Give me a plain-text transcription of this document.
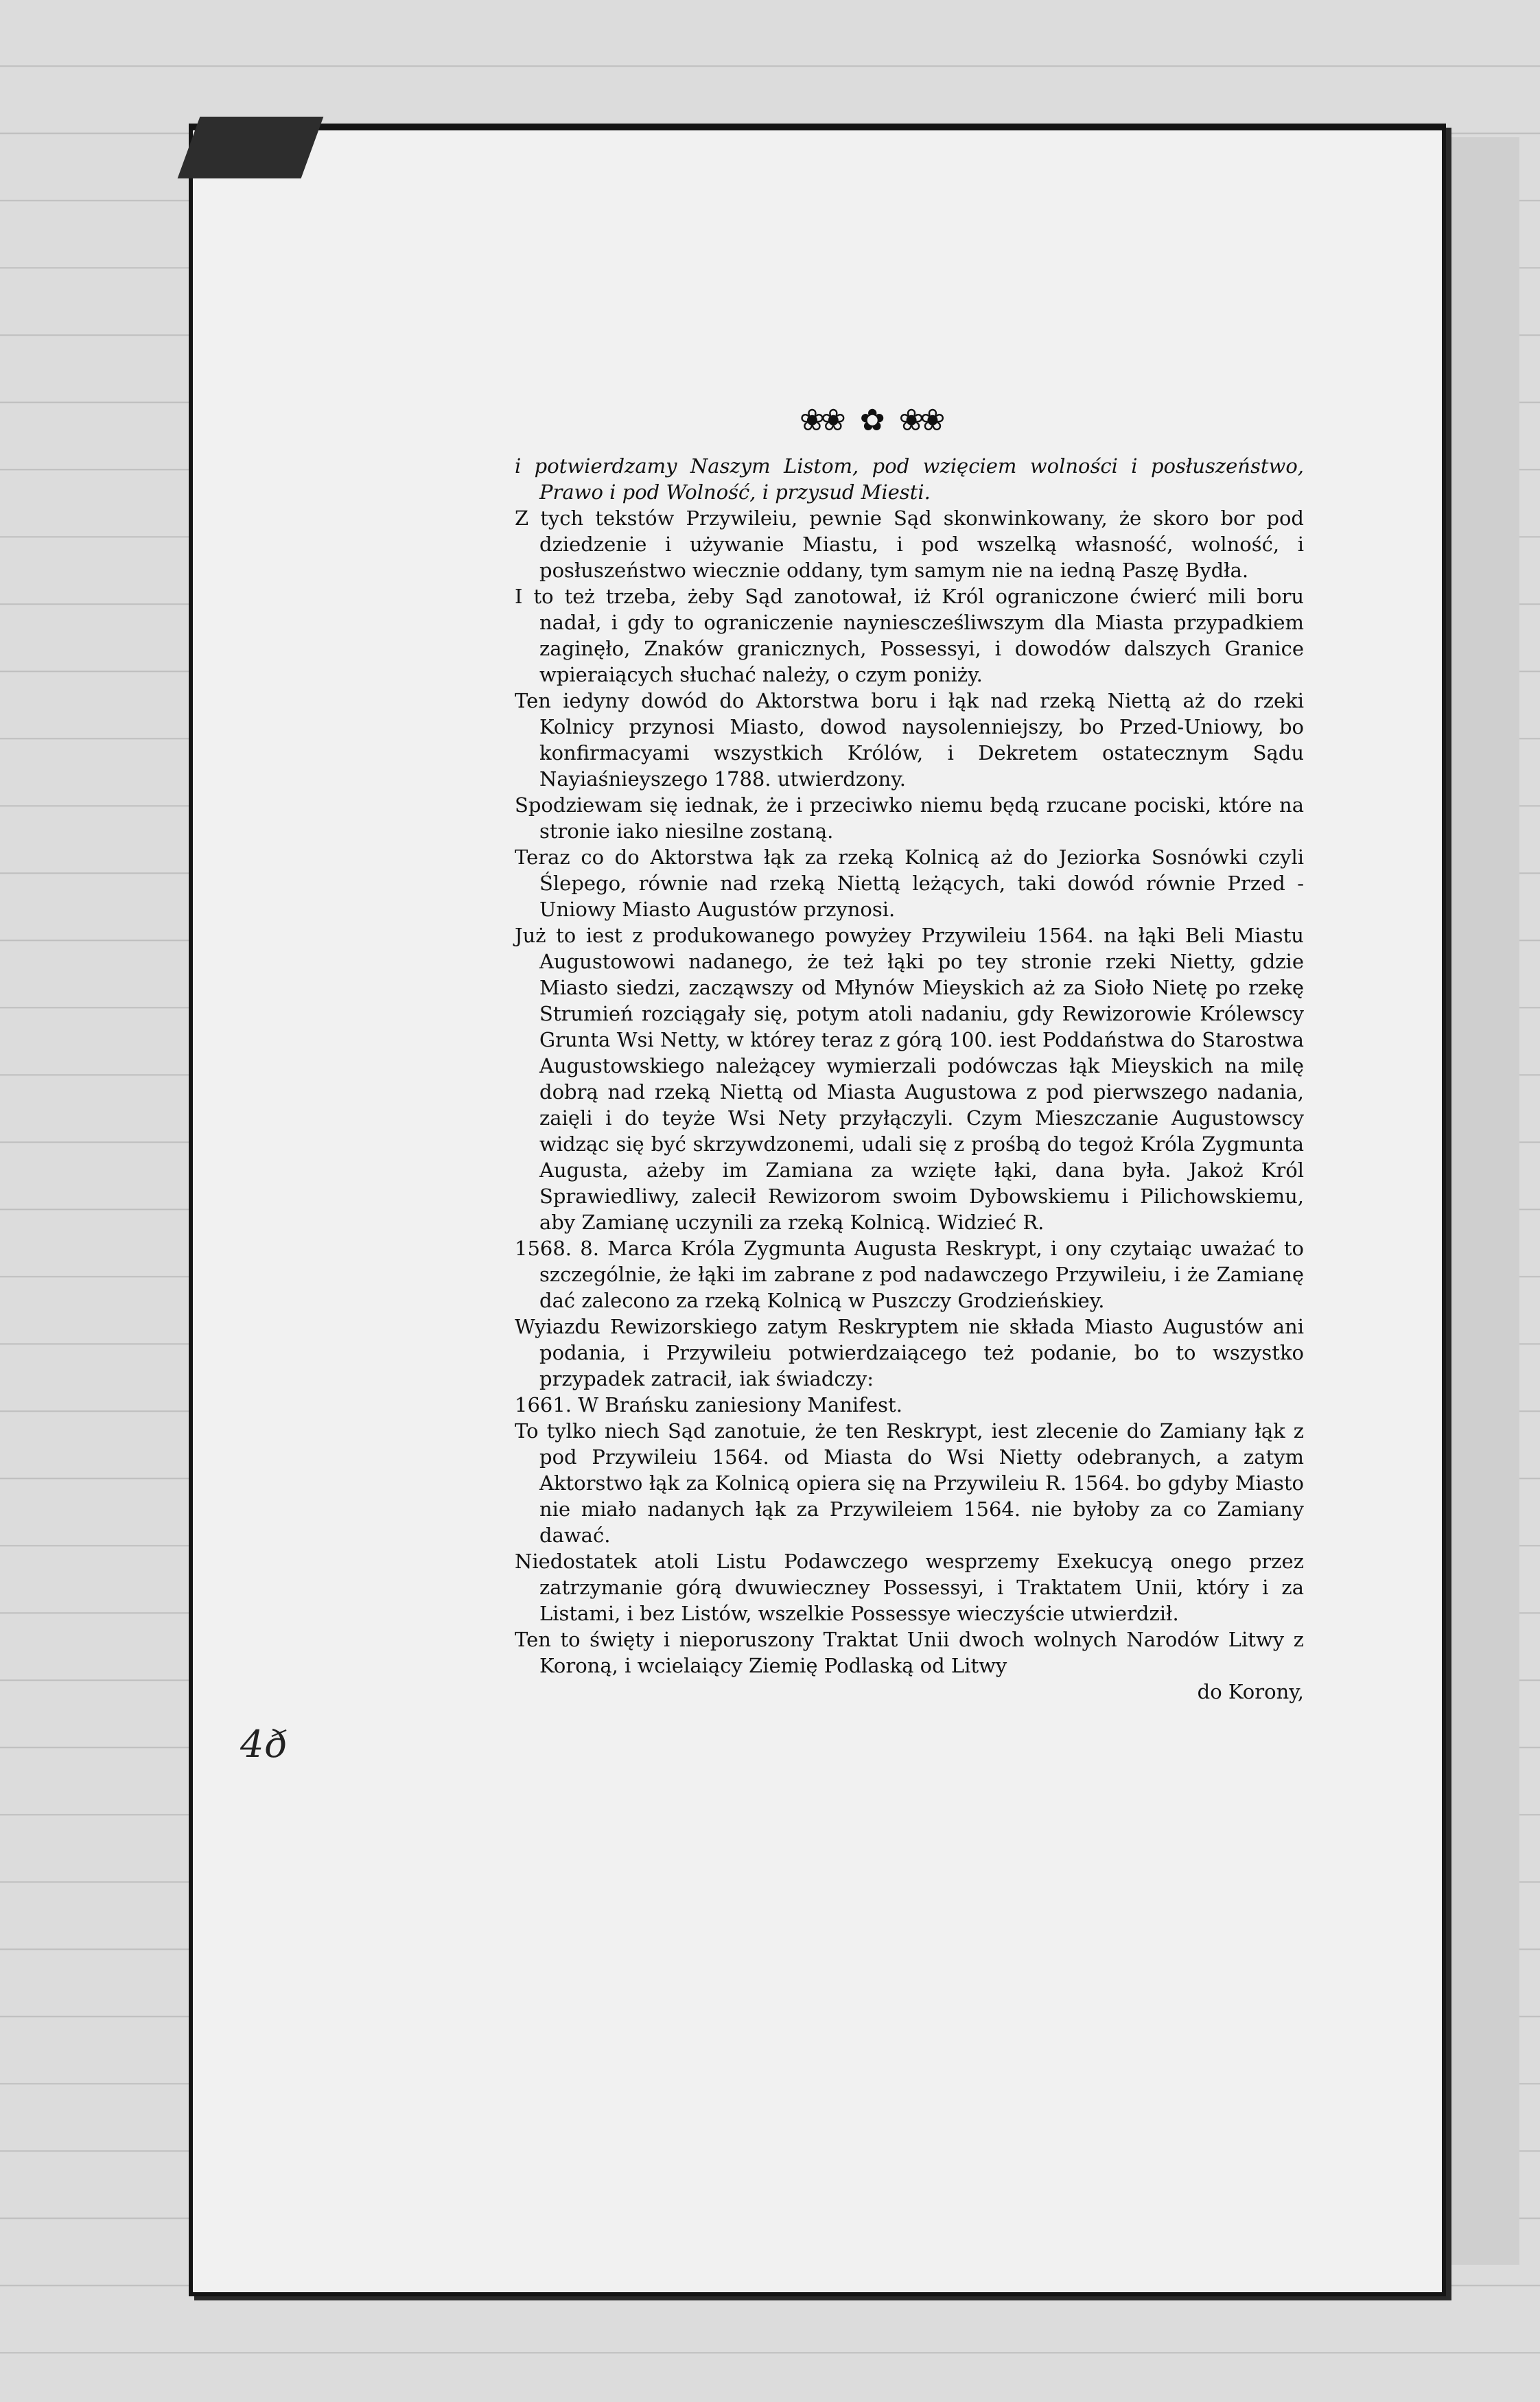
❀❀ ✿ ❀❀

i potwierdzamy Naszym Listom, pod wzięciem wolności i posłuszeństwo, Prawo i pod Wolność, i przysud Miesti.

Z tych tekstów Przywileiu, pewnie Sąd skonwinkowany, że skoro bor pod dziedzenie i używanie Miastu, i pod wszelką własność, wolność, i posłuszeństwo wiecznie oddany, tym samym nie na iedną Paszę Bydła.

I to też trzeba, żeby Sąd zanotował, iż Król ograniczone ćwierć mili boru nadał, i gdy to ograniczenie nayniescześliwszym dla Miasta przypadkiem zaginęło, Znaków granicznych, Possessyi, i dowodów dalszych Granice wpieraiących słuchać należy, o czym poniży.

Ten iedyny dowód do Aktorstwa boru i łąk nad rzeką Niettą aż do rzeki Kolnicy przynosi Miasto, dowod naysolenniejszy, bo Przed-Uniowy, bo konfirmacyami wszystkich Królów, i Dekretem ostatecznym Sądu Nayiaśnieyszego 1788. utwierdzony.

Spodziewam się iednak, że i przeciwko niemu będą rzucane pociski, które na stronie iako niesilne zostaną.

Teraz co do Aktorstwa łąk za rzeką Kolnicą aż do Jeziorka Sosnówki czyli Ślepego, równie nad rzeką Niettą leżących, taki dowód równie Przed - Uniowy Miasto Augustów przynosi.

Już to iest z produkowanego powyżey Przywileiu 1564. na łąki Beli Miastu Augustowowi nadanego, że też łąki po tey stronie rzeki Nietty, gdzie Miasto siedzi, zacząwszy od Młynów Mieyskich aż za Sioło Nietę po rzekę Strumień rozciągały się, potym atoli nadaniu, gdy Rewizorowie Królewscy Grunta Wsi Netty, w którey teraz z górą 100. iest Poddaństwa do Starostwa Augustowskiego należącey wymierzali podówczas łąk Mieyskich na milę dobrą nad rzeką Niettą od Miasta Augustowa z pod pierwszego nadania, zaięli i do teyże Wsi Nety przyłączyli. Czym Mieszczanie Augustowscy widząc się być skrzywdzonemi, udali się z prośbą do tegoż Króla Zygmunta Augusta, ażeby im Zamiana za wzięte łąki, dana była. Jakoż Król Sprawiedliwy, zalecił Rewizorom swoim Dybowskiemu i Pilichowskiemu, aby Zamianę uczynili za rzeką Kolnicą. Widzieć R.

1568. 8. Marca Króla Zygmunta Augusta Reskrypt, i ony czytaiąc uważać to szczególnie, że łąki im zabrane z pod nadawczego Przywileiu, i że Zamianę dać zalecono za rzeką Kolnicą w Puszczy Grodzieńskiey.

Wyiazdu Rewizorskiego zatym Reskryptem nie składa Miasto Augustów ani podania, i Przywileiu potwierdzaiącego też podanie, bo to wszystko przypadek zatracił, iak świadczy:

1661. W Brańsku zaniesiony Manifest.

To tylko niech Sąd zanotuie, że ten Reskrypt, iest zlecenie do Zamiany łąk z pod Przywileiu 1564. od Miasta do Wsi Nietty odebranych, a zatym Aktorstwo łąk za Kolnicą opiera się na Przywileiu R. 1564. bo gdyby Miasto nie miało nadanych łąk za Przywileiem 1564. nie byłoby za co Zamiany dawać.

Niedostatek atoli Listu Podawczego wesprzemy Exekucyą onego przez zatrzymanie górą dwuwieczney Possessyi, i Traktatem Unii, który i za Listami, i bez Listów, wszelkie Possessye wieczyście utwierdził.

Ten to święty i nieporuszony Traktat Unii dwoch wolnych Narodów Litwy z Koroną, i wcielaiący Ziemię Podlaską od Litwy

do Korony,

4ð
